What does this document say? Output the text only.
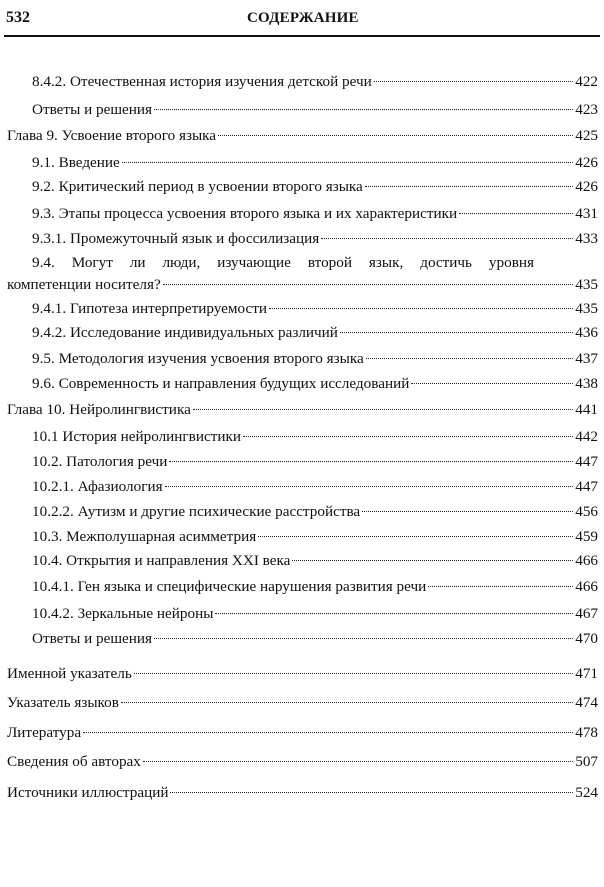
532	СОДЕРЖАНИЕ
8.4.2. Отечественная история изучения детской речи	422
Ответы и решения	423
Глава 9. Усвоение второго языка	425
9.1. Введение	426
9.2. Критический период в усвоении второго языка	426
9.3. Этапы процесса усвоения второго языка и их характеристики	431
9.3.1. Промежуточный язык и фоссилизация	433
9.4. Могут ли люди, изучающие второй язык, достичь уровня
компетенции носителя?	435
9.4.1. Гипотеза интерпретируемости	435
9.4.2. Исследование индивидуальных различий	436
9.5. Методология изучения усвоения второго языка	437
9.6. Современность и направления будущих исследований	438
Глава 10. Нейролингвистика	441
10.1 История нейролингвистики	442
10.2. Патология речи	447
10.2.1. Афазиология	447
10.2.2. Аутизм и другие психические расстройства	456
10.3. Межполушарная асимметрия	459
10.4. Открытия и направления XXI века	466
10.4.1. Ген языка и специфические нарушения развития речи	466
10.4.2. Зеркальные нейроны	467
Ответы и решения	470
Именной указатель	471
Указатель языков	474
Литература	478
Сведения об авторах	507
Источники иллюстраций	524
